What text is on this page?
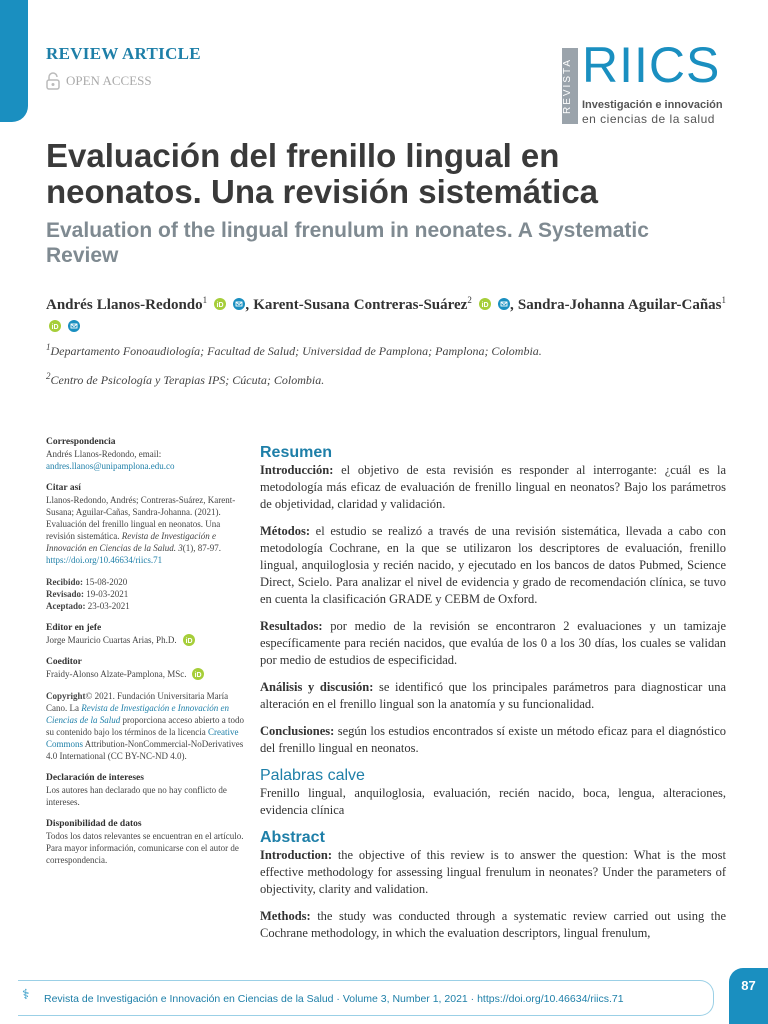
REVIEW ARTICLE
OPEN ACCESS	REVISTA RIICS
Investigación e innovación
en ciencias de la salud
Evaluación del frenillo lingual en neonatos. Una revisión sistemática
Evaluation of the lingual frenulum in neonates. A Systematic Review
Andrés Llanos-Redondo$^1$
iD
, Karent-Susana Contreras-Suárez$^2$
iD
, Sandra-Johanna Aguilar-Cañas$^1$
iD

$^1$Departamento Fonoaudiología; Facultad de Salud; Universidad de Pamplona; Pamplona; Colombia.
$^2$Centro de Psicología y Terapias IPS; Cúcuta; Colombia.
Correspondencia
Andrés Llanos-Redondo, email:
andres.llanos@unipamplona.edu.co
Citar así
Llanos-Redondo, Andrés; Contreras-Suárez, Karent-Susana; Aguilar-Cañas, Sandra-Johanna. (2021). Evaluación del frenillo lingual en neonatos. Una revisión sistemática. Revista de Investigación e Innovación en Ciencias de la Salud. 3(1), 87-97. https://doi.org/10.46634/riics.71
Recibido: 15-08-2020
Revisado: 19-03-2021
Aceptado: 23-03-2021
Editor en jefe
Jorge Mauricio Cuartas Arias, Ph.D. iD
Coeditor
Fraidy-Alonso Alzate-Pamplona, MSc. iD
Copyright© 2021. Fundación Universitaria María Cano. La Revista de Investigación e Innovación en Ciencias de la Salud proporciona acceso abierto a todo su contenido bajo los términos de la licencia Creative Commons Attribution-NonCommercial-NoDerivatives 4.0 International (CC BY-NC-ND 4.0).
Declaración de intereses
Los autores han declarado que no hay conflicto de intereses.
Disponibilidad de datos
Todos los datos relevantes se encuentran en el artículo. Para mayor información, comunicarse con el autor de correspondencia.
Resumen

Introducción: el objetivo de esta revisión es responder al interrogante: ¿cuál es la metodología más eficaz de evaluación de frenillo lingual en neonatos? Bajo los parámetros de objetividad, claridad y validación.

Métodos: el estudio se realizó a través de una revisión sistemática, llevada a cabo con metodología Cochrane, en la que se utilizaron los descriptores de evaluación, frenillo lingual, anquiloglosia y recién nacido, y ejecutado en los bancos de datos Pubmed, Science Direct, Scielo. Para analizar el nivel de evidencia y grado de recomendación clínica, se tuvo en cuenta la clasificación GRADE y CEBM de Oxford.

Resultados: por medio de la revisión se encontraron 2 evaluaciones y un tamizaje específicamente para recién nacidos, que evalúa de los 0 a los 30 días, los cuales se validan por medio de estudios de especificidad.

Análisis y discusión: se identificó que los principales parámetros para diagnosticar una alteración en el frenillo lingual son la anatomía y su funcionalidad.

Conclusiones: según los estudios encontrados sí existe un método eficaz para el diagnóstico del frenillo lingual en neonatos.

Palabras calve

Frenillo lingual, anquiloglosia, evaluación, recién nacido, boca, lengua, alteraciones, evidencia clínica

Abstract

Introduction: the objective of this review is to answer the question: What is the most effective methodology for assessing lingual frenulum in neonates? Under the parameters of objectivity, clarity and validation.

Methods: the study was conducted through a systematic review carried out using the Cochrane methodology, in which the evaluation descriptors, lingual frenulum,

⚕ Revista de Investigación e Innovación en Ciencias de la Salud · Volume 3, Number 1, 2021 · https://doi.org/10.46634/riics.71
87
